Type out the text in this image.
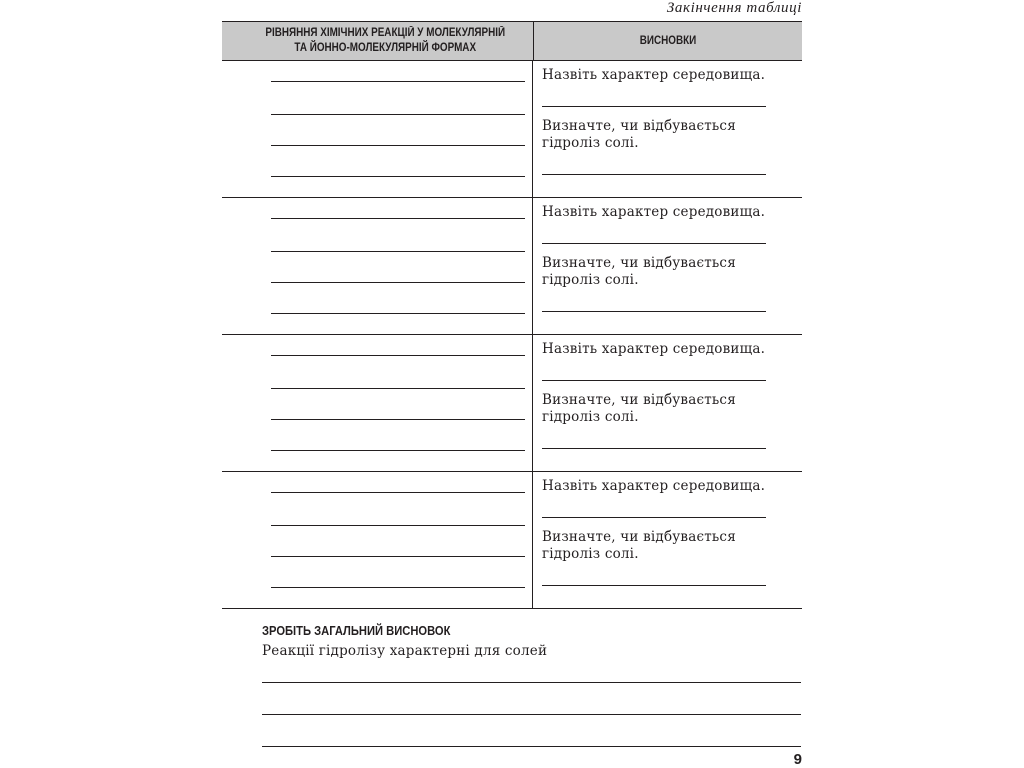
Закінчення таблиці
РІВНЯННЯ ХІМІЧНИХ РЕАКЦІЙ У МОЛЕКУЛЯРНІЙ
ТА ЙОННО-МОЛЕКУЛЯРНІЙ ФОРМАХ
ВИСНОВКИ
Назвіть характер середовища.
Визначте, чи відбувається гідроліз солі.
Назвіть характер середовища.
Визначте, чи відбувається гідроліз солі.
Назвіть характер середовища.
Визначте, чи відбувається гідроліз солі.
Назвіть характер середовища.
Визначте, чи відбувається гідроліз солі.
ЗРОБІТЬ ЗАГАЛЬНИЙ ВИСНОВОК
Реакції гідролізу характерні для солей
9
